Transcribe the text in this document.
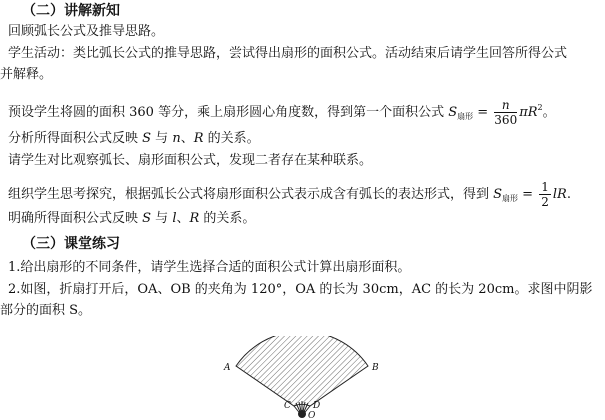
（二）讲解新知
回顾弧长公式及推导思路。
学生活动：类比弧长公式的推导思路，尝试得出扇形的面积公式。活动结束后请学生回答所得公式
并解释。
预设学生将圆的面积 360 等分，乘上扇形圆心角度数，得到第一个面积公式 $S_{扇形} = \frac{n}{360} \pi R^2$。
分析所得面积公式反映 S 与 n、R 的关系。
请学生对比观察弧长、扇形面积公式，发现二者存在某种联系。
组织学生思考探究，根据弧长公式将扇形面积公式表示成含有弧长的表达形式，得到 $S_{扇形} = \frac{1}{2}$ lR.
明确所得面积公式反映 S 与 l、R 的关系。
（三）课堂练习
1.给出扇形的不同条件，请学生选择合适的面积公式计算出扇形面积。
2.如图，折扇打开后，OA、OB 的夹角为 120°，OA 的长为 30cm，AC 的长为 20cm。求图中阴影
部分的面积 S。
A	B
C D
O
